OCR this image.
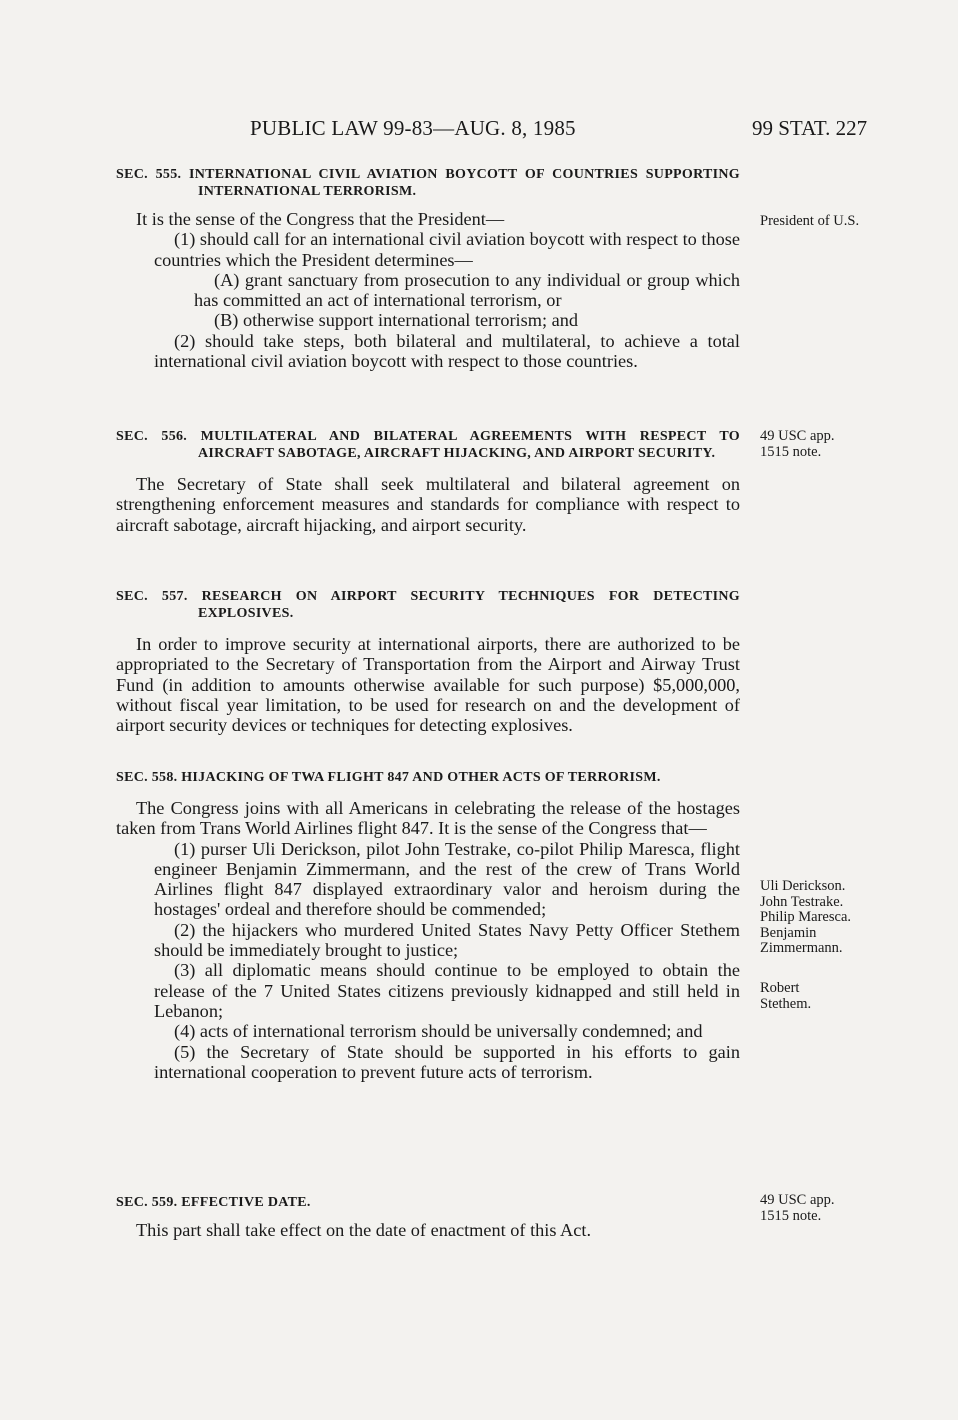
PUBLIC LAW 99-83—AUG. 8, 1985	99 STAT. 227
SEC. 555. INTERNATIONAL CIVIL AVIATION BOYCOTT OF COUNTRIES SUPPORTING INTERNATIONAL TERRORISM.
It is the sense of the Congress that the President—
(1) should call for an international civil aviation boycott with respect to those countries which the President determines—
(A) grant sanctuary from prosecution to any individual or group which has committed an act of international terrorism, or
(B) otherwise support international terrorism; and
(2) should take steps, both bilateral and multilateral, to achieve a total international civil aviation boycott with respect to those countries.
SEC. 556. MULTILATERAL AND BILATERAL AGREEMENTS WITH RESPECT TO AIRCRAFT SABOTAGE, AIRCRAFT HIJACKING, AND AIRPORT SECURITY.
The Secretary of State shall seek multilateral and bilateral agreement on strengthening enforcement measures and standards for compliance with respect to aircraft sabotage, aircraft hijacking, and airport security.
SEC. 557. RESEARCH ON AIRPORT SECURITY TECHNIQUES FOR DETECTING EXPLOSIVES.
In order to improve security at international airports, there are authorized to be appropriated to the Secretary of Transportation from the Airport and Airway Trust Fund (in addition to amounts otherwise available for such purpose) $5,000,000, without fiscal year limitation, to be used for research on and the development of airport security devices or techniques for detecting explosives.
SEC. 558. HIJACKING OF TWA FLIGHT 847 AND OTHER ACTS OF TERRORISM.
The Congress joins with all Americans in celebrating the release of the hostages taken from Trans World Airlines flight 847. It is the sense of the Congress that—
(1) purser Uli Derickson, pilot John Testrake, co-pilot Philip Maresca, flight engineer Benjamin Zimmermann, and the rest of the crew of Trans World Airlines flight 847 displayed extraordinary valor and heroism during the hostages' ordeal and therefore should be commended;
(2) the hijackers who murdered United States Navy Petty Officer Stethem should be immediately brought to justice;
(3) all diplomatic means should continue to be employed to obtain the release of the 7 United States citizens previously kidnapped and still held in Lebanon;
(4) acts of international terrorism should be universally condemned; and
(5) the Secretary of State should be supported in his efforts to gain international cooperation to prevent future acts of terrorism.
SEC. 559. EFFECTIVE DATE.
This part shall take effect on the date of enactment of this Act.
President of U.S.
49 USC app.
1515 note.
Uli Derickson.
John Testrake.
Philip Maresca.
Benjamin
Zimmermann.
Robert
Stethem.
49 USC app.
1515 note.
